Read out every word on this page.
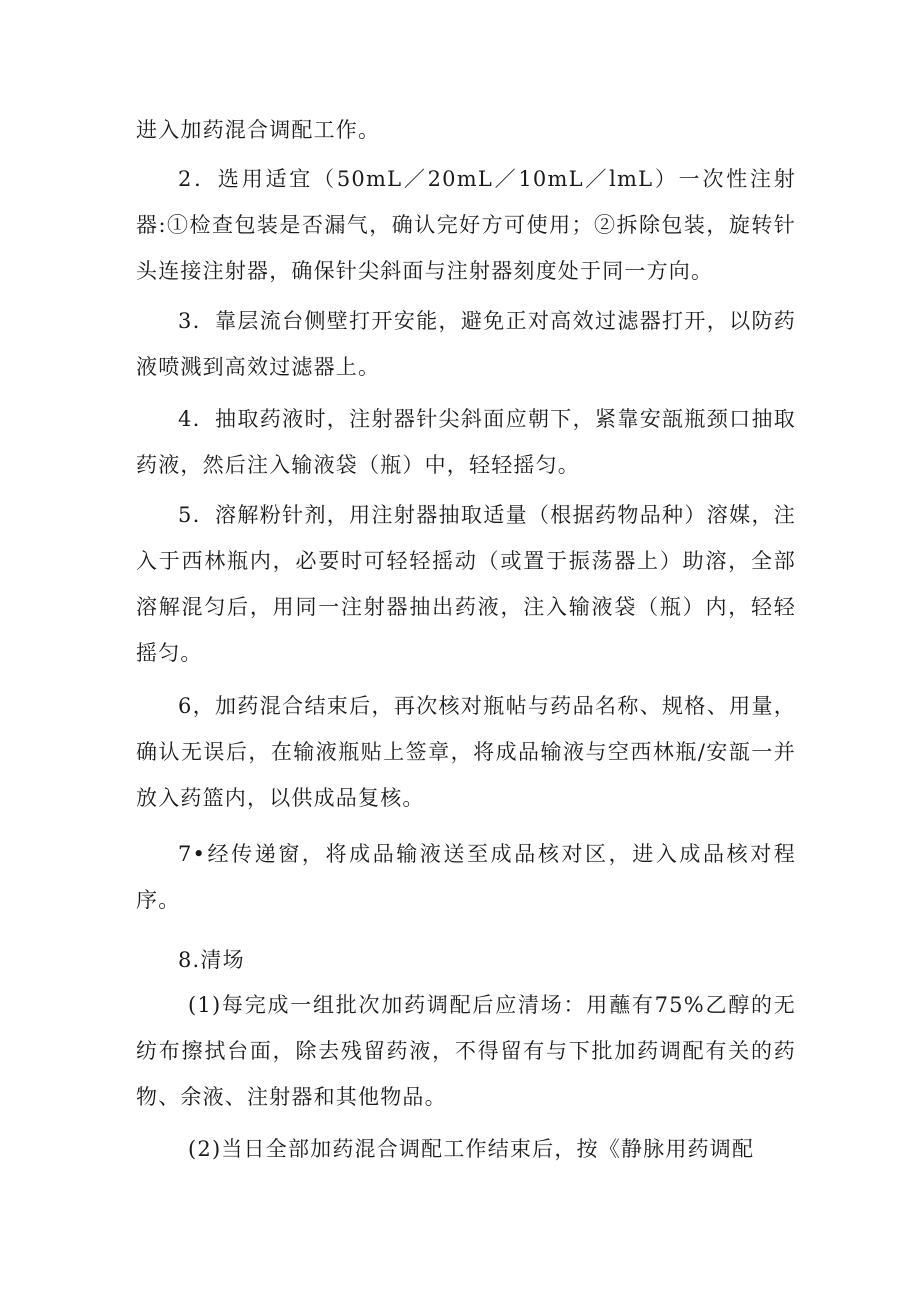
进入加药混合调配工作。

2．选用适宜（50mL／20mL／10mL／lmL）一次性注射器:①检查包装是否漏气，确认完好方可使用；②拆除包装，旋转针头连接注射器，确保针尖斜面与注射器刻度处于同一方向。

3．靠层流台侧壁打开安能，避免正对高效过滤器打开，以防药液喷溅到高效过滤器上。

4．抽取药液时，注射器针尖斜面应朝下，紧靠安瓿瓶颈口抽取药液，然后注入输液袋（瓶）中，轻轻摇匀。

5．溶解粉针剂，用注射器抽取适量（根据药物品种）溶媒，注入于西林瓶内，必要时可轻轻摇动（或置于振荡器上）助溶，全部溶解混匀后，用同一注射器抽出药液，注入输液袋（瓶）内，轻轻摇匀。

6，加药混合结束后，再次核对瓶帖与药品名称、规格、用量，确认无误后，在输液瓶贴上签章，将成品输液与空西林瓶/安瓿一并放入药篮内，以供成品复核。

7•经传递窗，将成品输液送至成品核对区，进入成品核对程序。

8.清场

(1)每完成一组批次加药调配后应清场：用蘸有75%乙醇的无纺布擦拭台面，除去残留药液，不得留有与下批加药调配有关的药物、余液、注射器和其他物品。

(2)当日全部加药混合调配工作结束后，按《静脉用药调配
